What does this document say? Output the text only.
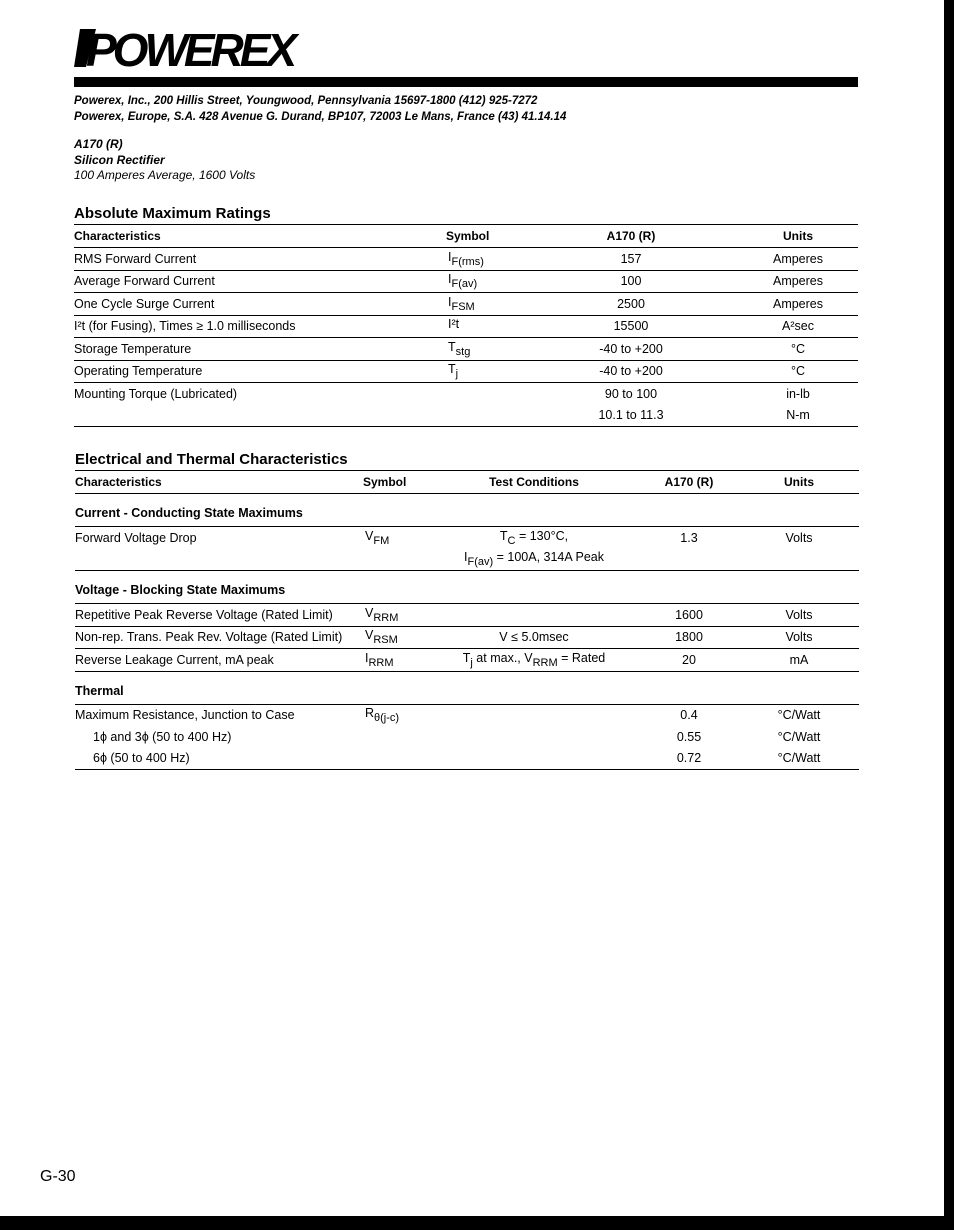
POWEREX
Powerex, Inc., 200 Hillis Street, Youngwood, Pennsylvania 15697-1800 (412) 925-7272
Powerex, Europe, S.A. 428 Avenue G. Durand, BP107, 72003 Le Mans, France (43) 41.14.14
A170 (R)
Silicon Rectifier
100 Amperes Average, 1600 Volts
Absolute Maximum Ratings
Characteristics	Symbol	A170 (R)	Units
RMS Forward Current	$I_{F(rms)}$	157	Amperes
Average Forward Current	$I_{F(av)}$	100	Amperes
One Cycle Surge Current	$I_{FSM}$	2500	Amperes
I²t (for Fusing), Times ≥ 1.0 milliseconds	I²t	15500	A²sec
Storage Temperature	$T_{stg}$	-40 to +200	°C
Operating Temperature	$T_j$	-40 to +200	°C
Mounting Torque (Lubricated)		90 to 100	in-lb
		10.1 to 11.3	N-m
Electrical and Thermal Characteristics
Characteristics	Symbol	Test Conditions	A170 (R)	Units
Current - Conducting State Maximums				
Forward Voltage Drop	$V_{FM}$	$T_C = 130^\circ C$,	1.3	Volts
		$I_{F(av)} = 100A$, 314A Peak		
Voltage - Blocking State Maximums				
Repetitive Peak Reverse Voltage (Rated Limit)	$V_{RRM}$		1600	Volts
Non-rep. Trans. Peak Rev. Voltage (Rated Limit)	$V_{RSM}$	V ≤ 5.0msec	1800	Volts
Reverse Leakage Current, mA peak	$I_{RRM}$	$T_j$ at max., $V_{RRM}$ = Rated	20	mA
Thermal				
Maximum Resistance, Junction to Case	$R_{\theta(j-c)}$		0.4	°C/Watt
1ϕ and 3ϕ (50 to 400 Hz)			0.55	°C/Watt
6ϕ (50 to 400 Hz)			0.72	°C/Watt
G-30
